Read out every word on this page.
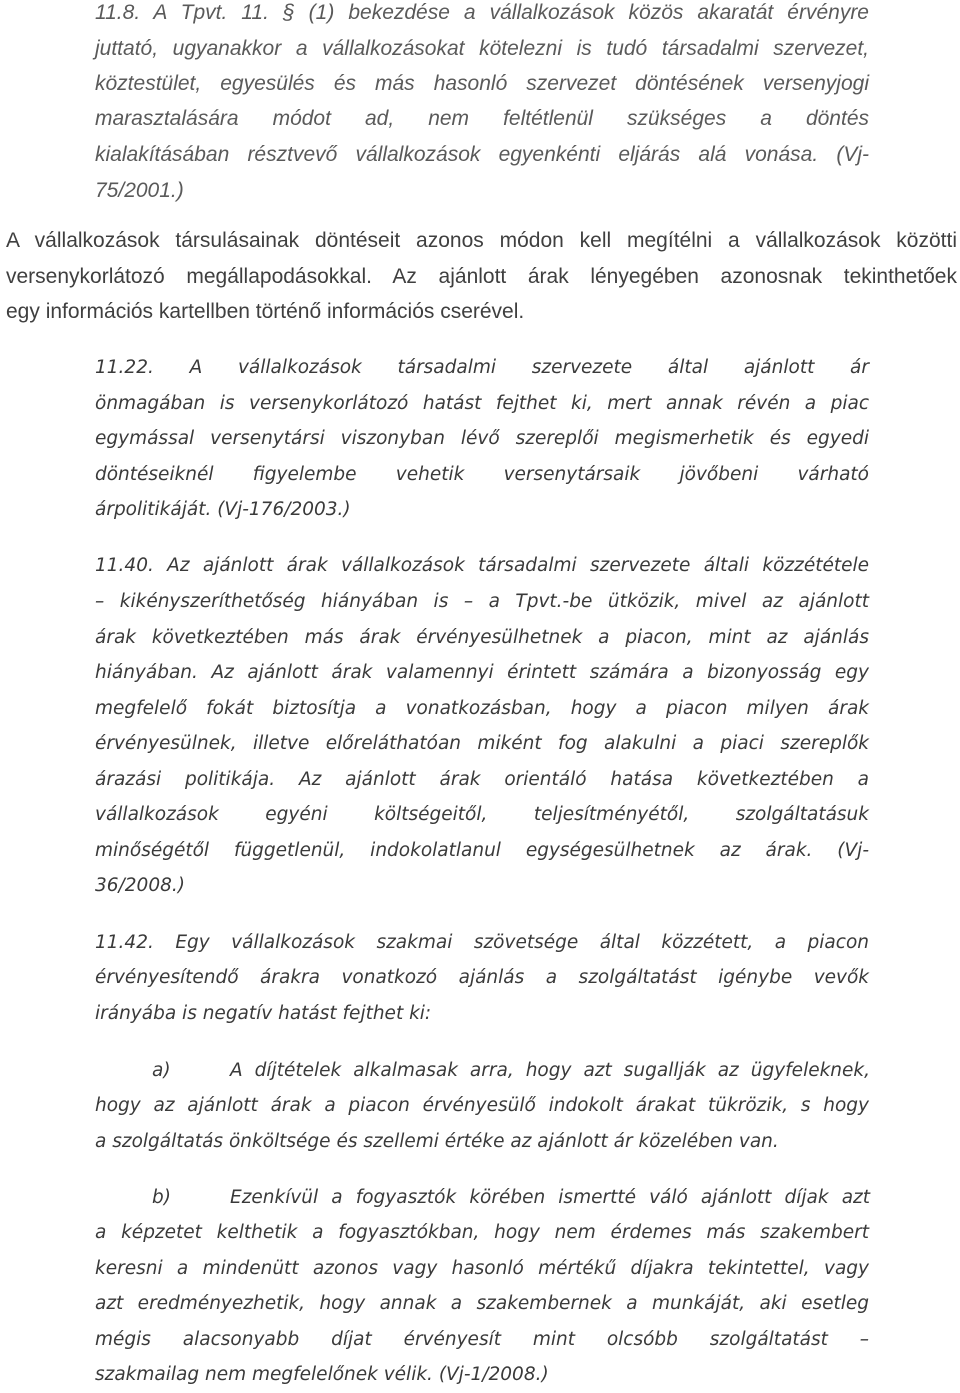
11.8. A Tpvt. 11. § (1) bekezdése a vállalkozások közös akaratát érvényre

juttató, ugyanakkor a vállalkozásokat kötelezni is tudó társadalmi szervezet,

köztestület, egyesülés és más hasonló szervezet döntésének versenyjogi

marasztalására módot ad, nem feltétlenül szükséges a döntés

kialakításában résztvevő vállalkozások egyenkénti eljárás alá vonása. (Vj-

75/2001.)

A vállalkozások társulásainak döntéseit azonos módon kell megítélni a vállalkozások közötti

versenykorlátozó megállapodásokkal. Az ajánlott árak lényegében azonosnak tekinthetőek

egy információs kartellben történő információs cserével.

11.22. A vállalkozások társadalmi szervezete által ajánlott ár

önmagában is versenykorlátozó hatást fejthet ki, mert annak révén a piac

egymással versenytársi viszonyban lévő szereplői megismerhetik és egyedi

döntéseiknél figyelembe vehetik versenytársaik jövőbeni várható

árpolitikáját. (Vj-176/2003.)

11.40. Az ajánlott árak vállalkozások társadalmi szervezete általi közzététele

– kikényszeríthetőség hiányában is – a Tpvt.-be ütközik, mivel az ajánlott

árak következtében más árak érvényesülhetnek a piacon, mint az ajánlás

hiányában. Az ajánlott árak valamennyi érintett számára a bizonyosság egy

megfelelő fokát biztosítja a vonatkozásban, hogy a piacon milyen árak

érvényesülnek, illetve előreláthatóan miként fog alakulni a piaci szereplők

árazási politikája. Az ajánlott árak orientáló hatása következtében a

vállalkozások egyéni költségeitől, teljesítményétől, szolgáltatásuk

minőségétől függetlenül, indokolatlanul egységesülhetnek az árak. (Vj-

36/2008.)

11.42. Egy vállalkozások szakmai szövetsége által közzétett, a piacon

érvényesítendő árakra vonatkozó ajánlás a szolgáltatást igénybe vevők

irányába is negatív hatást fejthet ki:

a)	A díjtételek alkalmasak arra, hogy azt sugallják az ügyfeleknek,

hogy az ajánlott árak a piacon érvényesülő indokolt árakat tükrözik, s hogy

a szolgáltatás önköltsége és szellemi értéke az ajánlott ár közelében van.

b)	Ezenkívül a fogyasztók körében ismertté váló ajánlott díjak azt

a képzetet kelthetik a fogyasztókban, hogy nem érdemes más szakembert

keresni a mindenütt azonos vagy hasonló mértékű díjakra tekintettel, vagy

azt eredményezhetik, hogy annak a szakembernek a munkáját, aki esetleg

mégis alacsonyabb díjat érvényesít mint olcsóbb szolgáltatást –

szakmailag nem megfelelőnek vélik. (Vj-1/2008.)
